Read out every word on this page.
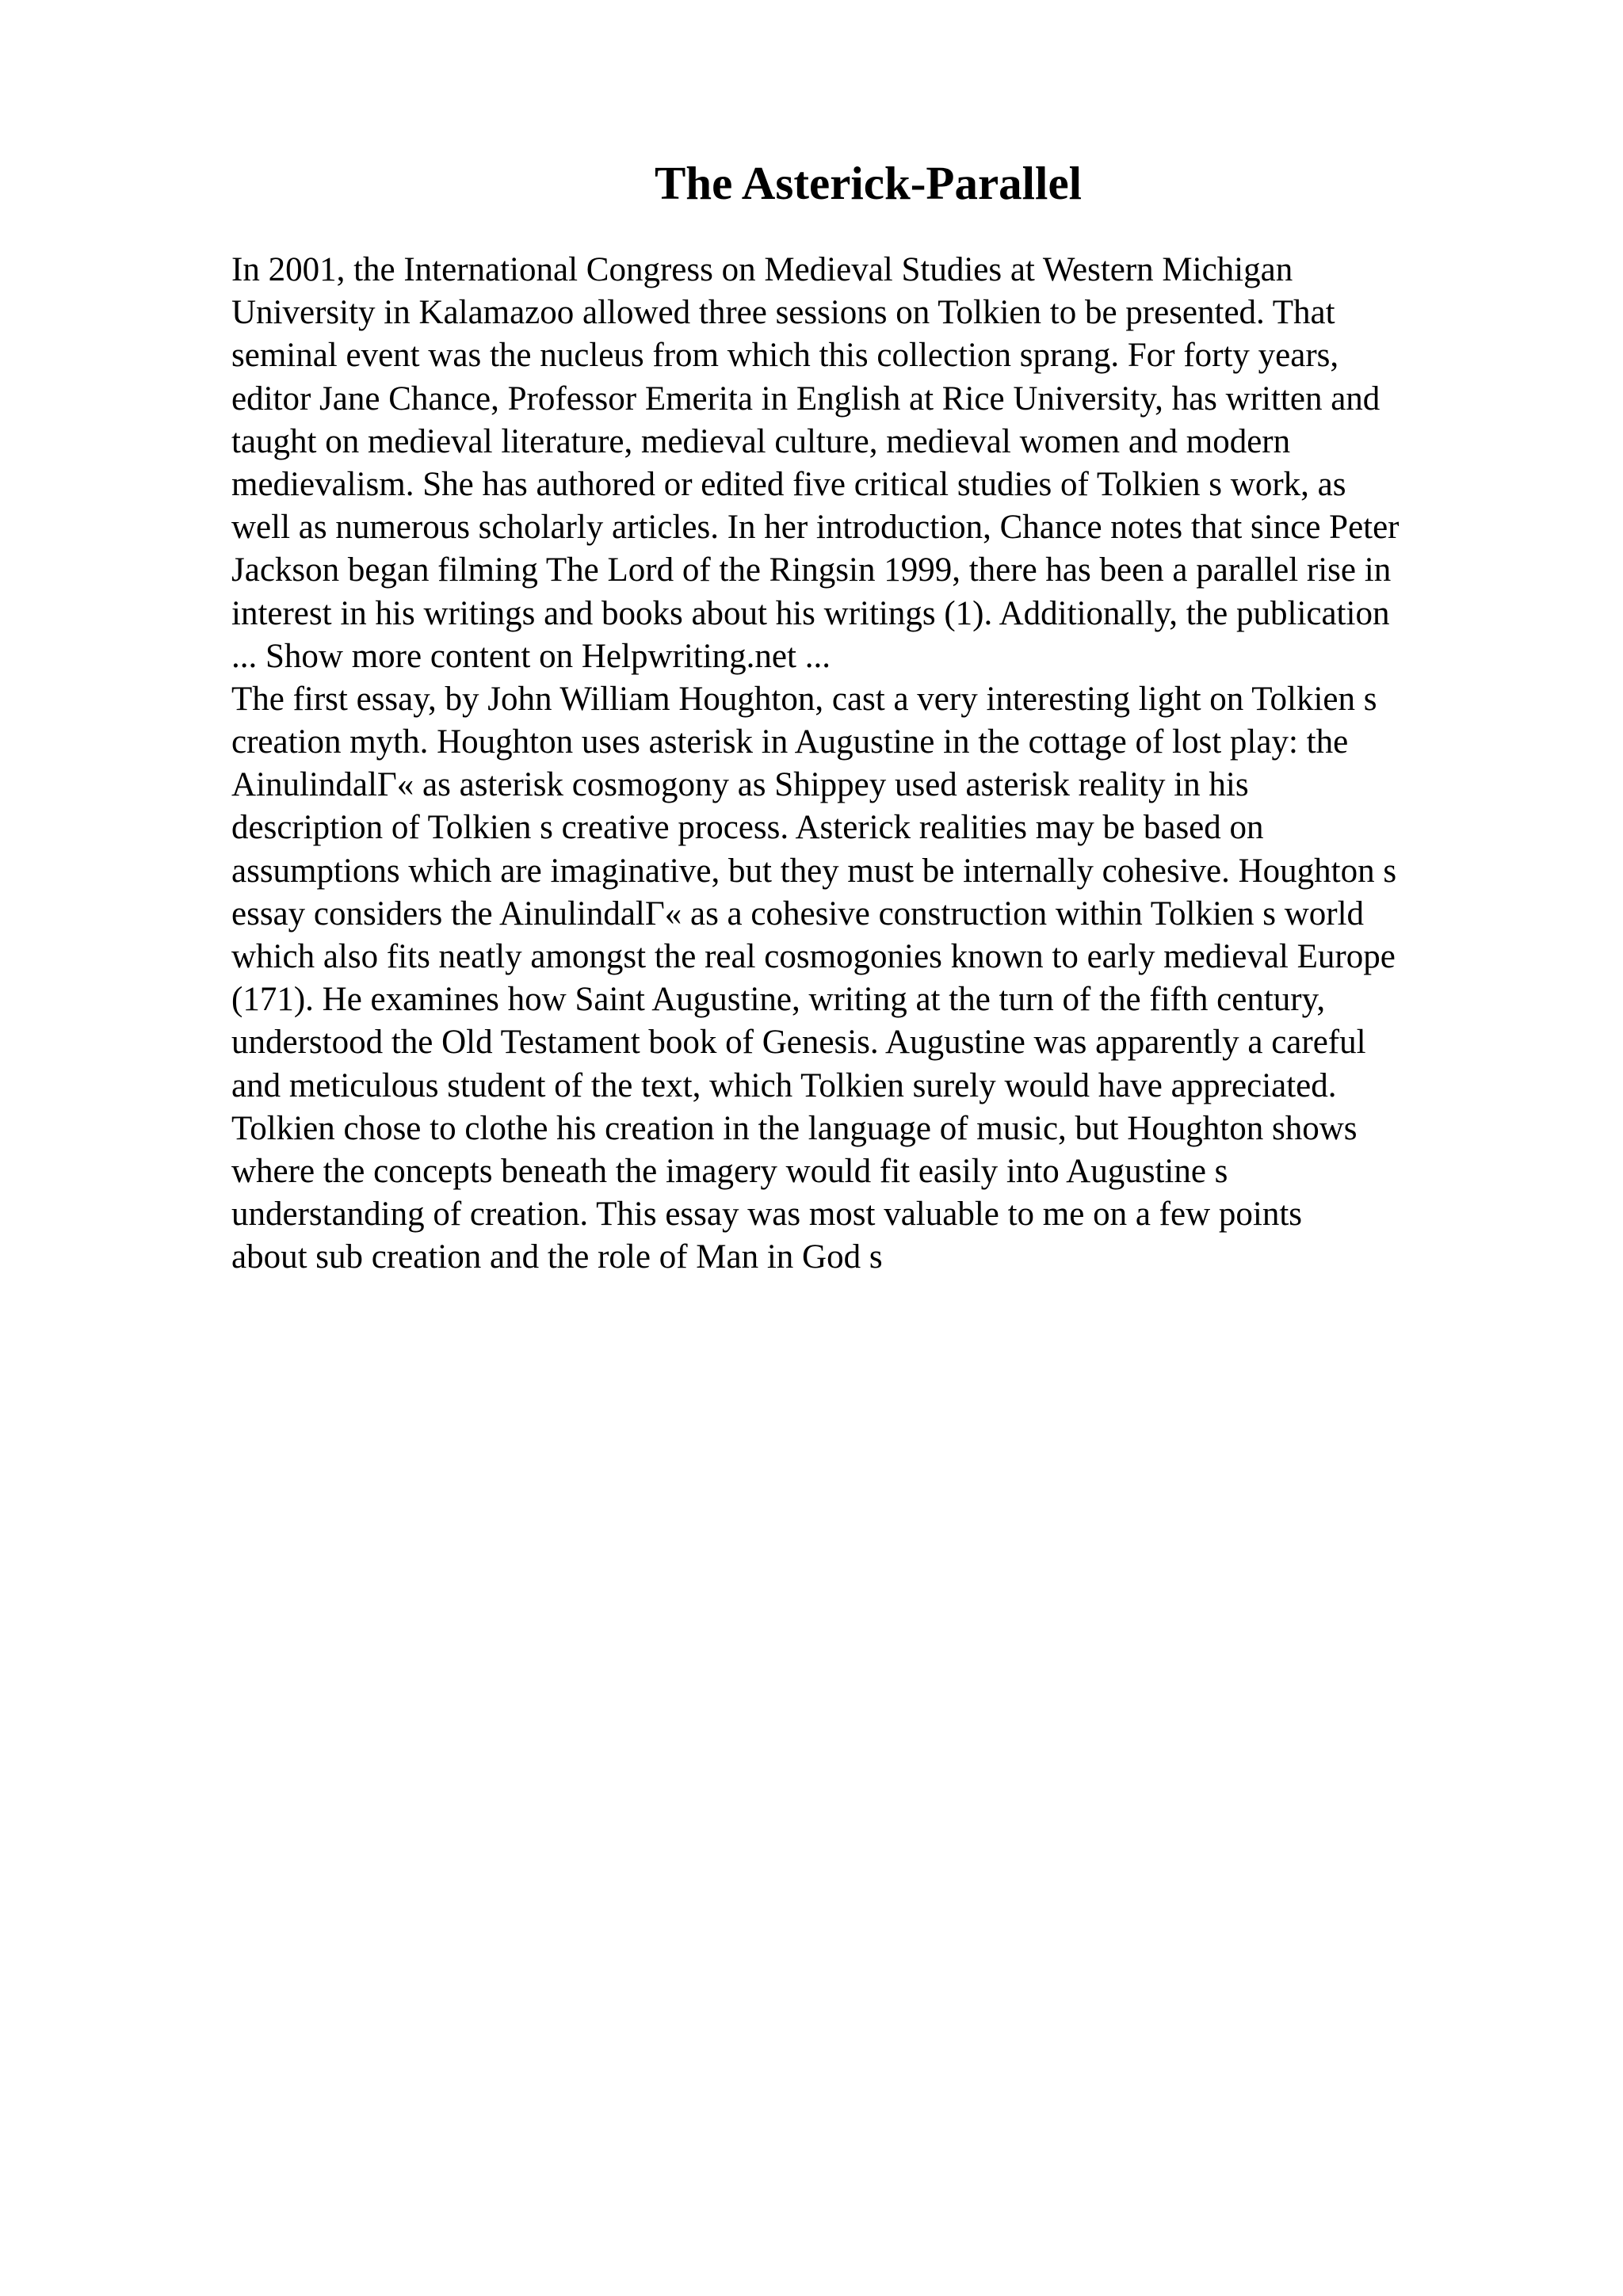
The Asterick-Parallel
In 2001, the International Congress on Medieval Studies at Western Michigan
University in Kalamazoo allowed three sessions on Tolkien to be presented. That
seminal event was the nucleus from which this collection sprang. For forty years,
editor Jane Chance, Professor Emerita in English at Rice University, has written and
taught on medieval literature, medieval culture, medieval women and modern
medievalism. She has authored or edited five critical studies of Tolkien s work, as
well as numerous scholarly articles. In her introduction, Chance notes that since Peter
Jackson began filming The Lord of the Ringsin 1999, there has been a parallel rise in
interest in his writings and books about his writings (1). Additionally, the publication
... Show more content on Helpwriting.net ...
The first essay, by John William Houghton, cast a very interesting light on Tolkien s
creation myth. Houghton uses asterisk in Augustine in the cottage of lost play: the
AinulindalΓ« as asterisk cosmogony as Shippey used asterisk reality in his
description of Tolkien s creative process. Asterick realities may be based on
assumptions which are imaginative, but they must be internally cohesive. Houghton s
essay considers the AinulindalΓ« as a cohesive construction within Tolkien s world
which also fits neatly amongst the real cosmogonies known to early medieval Europe
(171). He examines how Saint Augustine, writing at the turn of the fifth century,
understood the Old Testament book of Genesis. Augustine was apparently a careful
and meticulous student of the text, which Tolkien surely would have appreciated.
Tolkien chose to clothe his creation in the language of music, but Houghton shows
where the concepts beneath the imagery would fit easily into Augustine s
understanding of creation. This essay was most valuable to me on a few points
about sub creation and the role of Man in God s
